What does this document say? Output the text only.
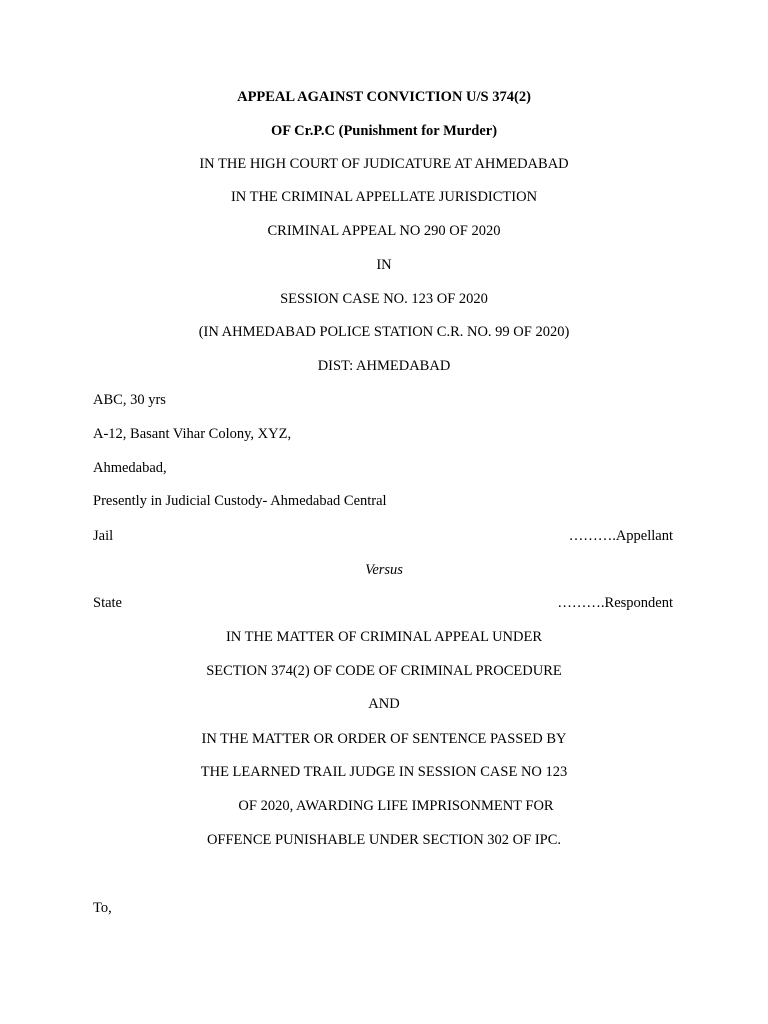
APPEAL AGAINST CONVICTION U/S 374(2)
OF Cr.P.C (Punishment for Murder)
IN THE HIGH COURT OF JUDICATURE AT AHMEDABAD
IN THE CRIMINAL APPELLATE JURISDICTION
CRIMINAL APPEAL NO 290 OF 2020
IN
SESSION CASE NO. 123 OF 2020
(IN AHMEDABAD POLICE STATION C.R. NO. 99 OF 2020)
DIST: AHMEDABAD
ABC, 30 yrs
A-12, Basant Vihar Colony, XYZ,
Ahmedabad,
Presently in Judicial Custody- Ahmedabad Central
Jail	……….Appellant
Versus
State	……….Respondent
IN THE MATTER OF CRIMINAL APPEAL UNDER
SECTION 374(2) OF CODE OF CRIMINAL PROCEDURE
AND
IN THE MATTER OR ORDER OF SENTENCE PASSED BY
THE LEARNED TRAIL JUDGE IN SESSION CASE NO 123
OF 2020, AWARDING LIFE IMPRISONMENT FOR
OFFENCE PUNISHABLE UNDER SECTION 302 OF IPC.
To,
